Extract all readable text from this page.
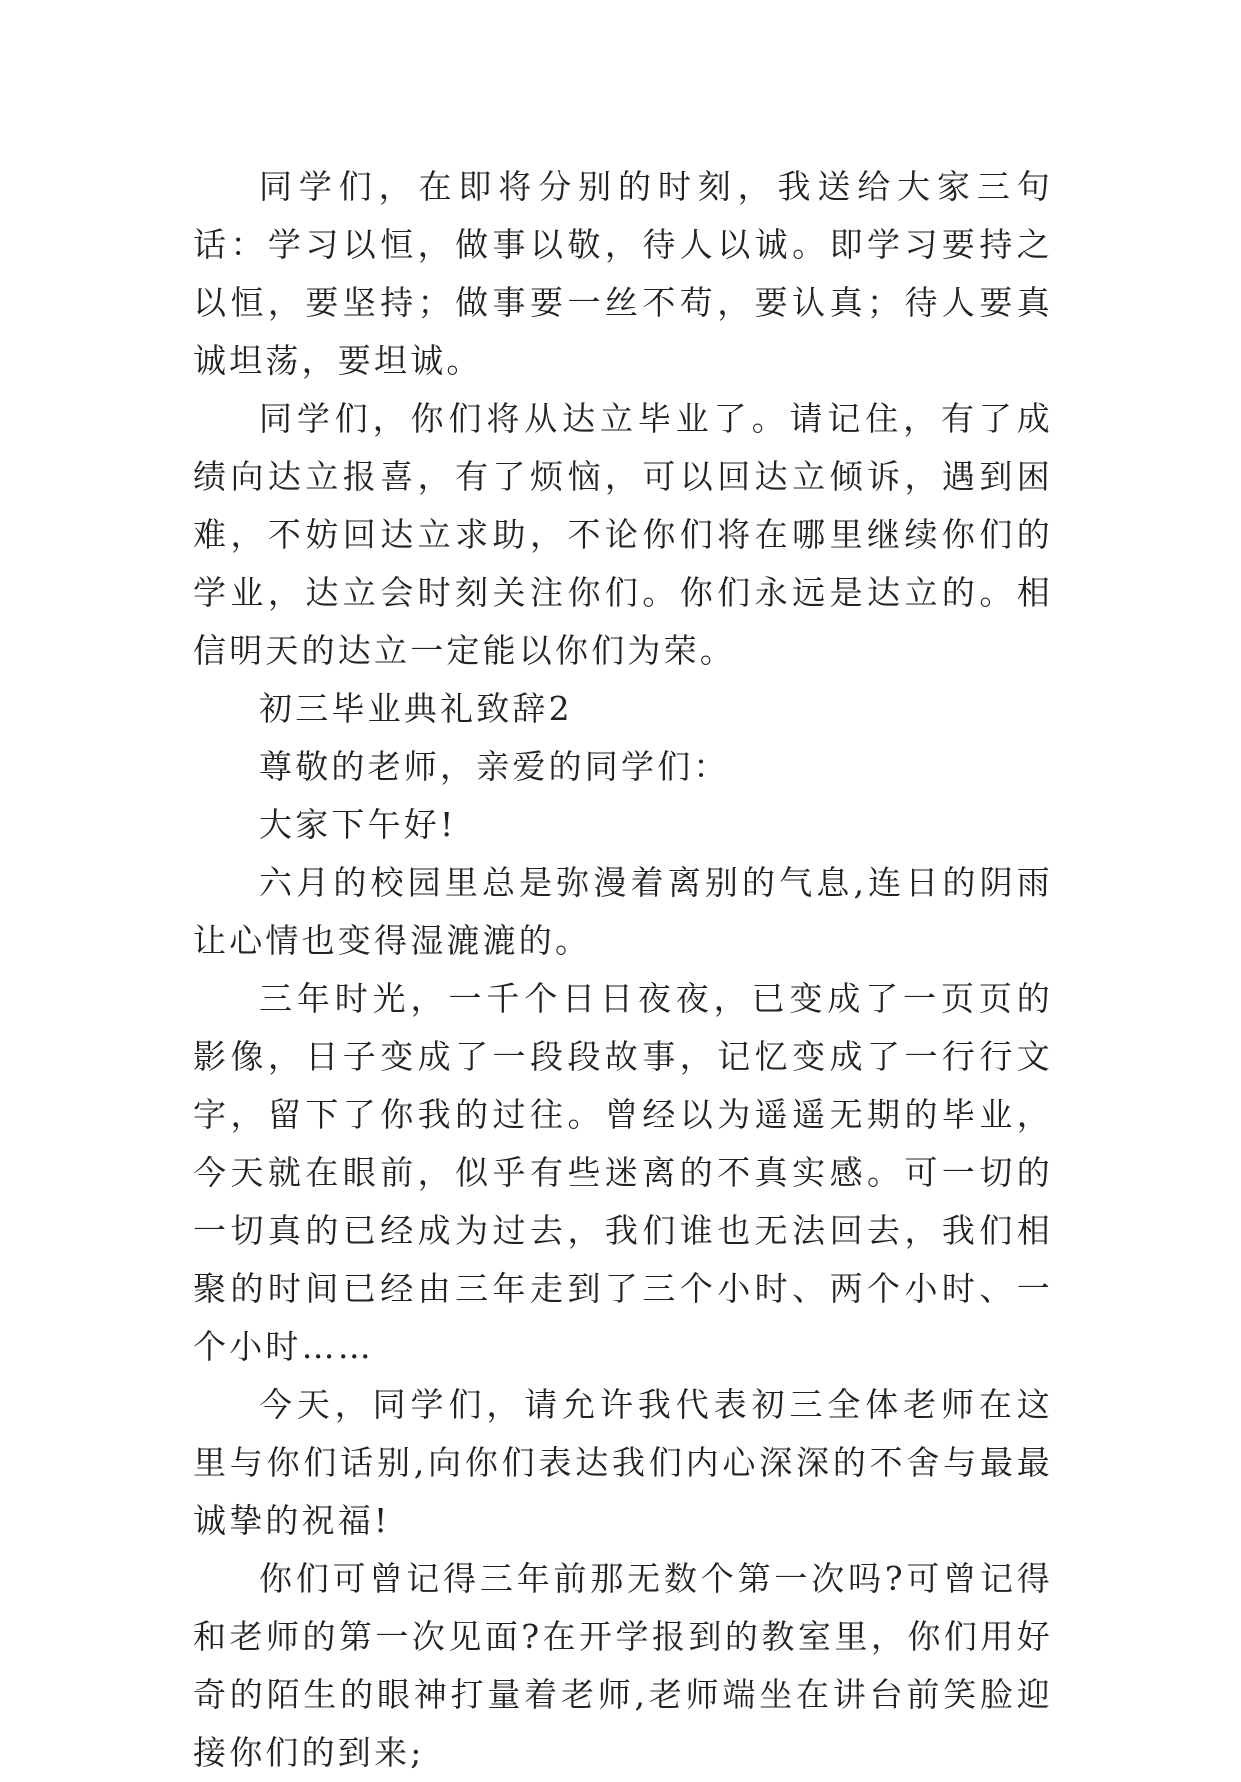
同学们，在即将分别的时刻，我送给大家三句话：学习以恒，做事以敬，待人以诚。即学习要持之以恒，要坚持；做事要一丝不苟，要认真；待人要真诚坦荡，要坦诚。

同学们，你们将从达立毕业了。请记住，有了成绩向达立报喜，有了烦恼，可以回达立倾诉，遇到困难，不妨回达立求助，不论你们将在哪里继续你们的学业，达立会时刻关注你们。你们永远是达立的。相信明天的达立一定能以你们为荣。

初三毕业典礼致辞2

尊敬的老师，亲爱的同学们：

大家下午好!

六月的校园里总是弥漫着离别的气息,连日的阴雨让心情也变得湿漉漉的。

三年时光，一千个日日夜夜，已变成了一页页的影像，日子变成了一段段故事，记忆变成了一行行文字，留下了你我的过往。曾经以为遥遥无期的毕业，今天就在眼前，似乎有些迷离的不真实感。可一切的一切真的已经成为过去，我们谁也无法回去，我们相聚的时间已经由三年走到了三个小时、两个小时、一个小时……

今天，同学们，请允许我代表初三全体老师在这里与你们话别,向你们表达我们内心深深的不舍与最最诚挚的祝福!

你们可曾记得三年前那无数个第一次吗?可曾记得和老师的第一次见面?在开学报到的教室里，你们用好奇的陌生的眼神打量着老师,老师端坐在讲台前笑脸迎接你们的到来;
